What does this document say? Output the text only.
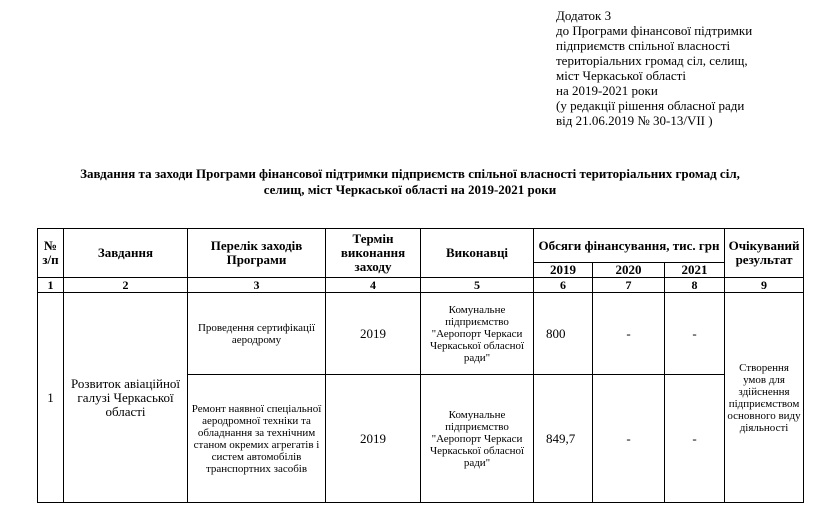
Додаток 3
до Програми фінансової підтримки
підприємств спільної власності
територіальних громад сіл, селищ,
міст Черкаської області
на 2019-2021 роки
(у редакції рішення обласної ради
від 21.06.2019 № 30-13/VII )
Завдання та заходи Програми фінансової підтримки підприємств спільної власності територіальних громад сіл,
селищ, міст Черкаської області на 2019-2021 роки
№ з/п	Завдання	Перелік заходів Програми	Термін виконання заходу	Виконавці	Обсяги фінансування, тис. грн			Очікуваний результат
					2019	2020	2021	
1	2	3	4	5	6	7	8	9
1	Розвиток авіаційної галузі Черкаської області	Проведення сертифікації аеродрому	2019	Комунальне підприємство "Аеропорт Черкаси Черкаської обласної ради"	800	-	-	Створення умов для здійснення підприємством основного виду діяльності
		Ремонт наявної спеціальної аеродромної техніки та обладнання за технічним станом окремих агрегатів і систем автомобілів транспортних засобів	2019	Комунальне підприємство "Аеропорт Черкаси Черкаської обласної ради"	849,7	-	-	
